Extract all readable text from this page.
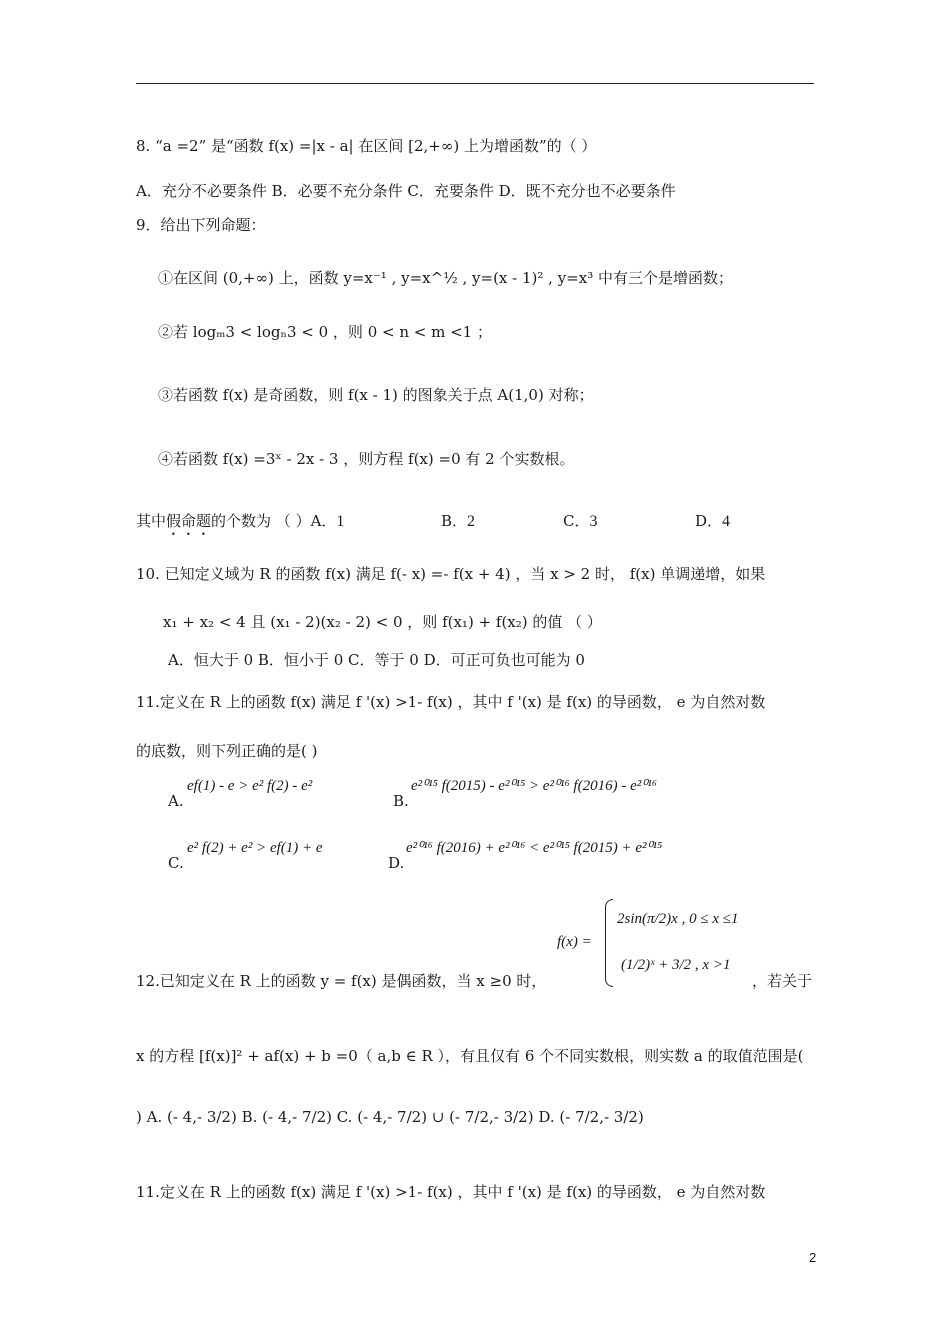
8. “a =2” 是“函数 f(x) =|x - a| 在区间 [2,+∞) 上为增函数”的（ ）
A．充分不必要条件 B．必要不充分条件 C．充要条件 D．既不充分也不必要条件
9．给出下列命题：
①在区间 (0,+∞) 上，函数 y=x⁻¹ , y=x^½ , y=(x - 1)² , y=x³ 中有三个是增函数；
②若 logₘ3 < logₙ3 < 0 ，则 0 < n < m <1 ；
③若函数 f(x) 是奇函数，则 f(x - 1) 的图象关于点 A(1,0) 对称；
④若函数 f(x) =3ˣ - 2x - 3 ，则方程 f(x) =0 有 2 个实数根。
其中假命题的个数为 （ ）A．1	B．2	C．3	D．4
10. 已知定义域为 R 的函数 f(x) 满足 f(- x) =- f(x + 4) ，当 x > 2 时， f(x) 单调递增，如果
x₁ + x₂ < 4 且 (x₁ - 2)(x₂ - 2) < 0 ，则 f(x₁) + f(x₂) 的值 （ ）
A．恒大于 0 B．恒小于 0 C．等于 0 D．可正可负也可能为 0
11.定义在 R 上的函数 f(x) 满足 f '(x) >1- f(x) ，其中 f '(x) 是 f(x) 的导函数， e 为自然对数
的底数，则下列正确的是( )
A.
ef(1) - e > e² f(2) - e²
B.
e²⁰¹⁵ f(2015) - e²⁰¹⁵ > e²⁰¹⁶ f(2016) - e²⁰¹⁶
C.
e² f(2) + e² > ef(1) + e
D.
e²⁰¹⁶ f(2016) + e²⁰¹⁶ < e²⁰¹⁵ f(2015) + e²⁰¹⁵
f(x) =
2sin(π/2)x , 0 ≤ x ≤1
(1/2)ˣ + 3/2 , x >1
12.已知定义在 R 上的函数 y = f(x) 是偶函数，当 x ≥0 时，	，若关于
x 的方程 [f(x)]² + af(x) + b =0（ a,b ∈ R ），有且仅有 6 个不同实数根，则实数 a 的取值范围是(
) A. (- 4,- 3/2) B. (- 4,- 7/2) C. (- 4,- 7/2) ∪ (- 7/2,- 3/2) D. (- 7/2,- 3/2)
11.定义在 R 上的函数 f(x) 满足 f '(x) >1- f(x) ，其中 f '(x) 是 f(x) 的导函数， e 为自然对数
2
